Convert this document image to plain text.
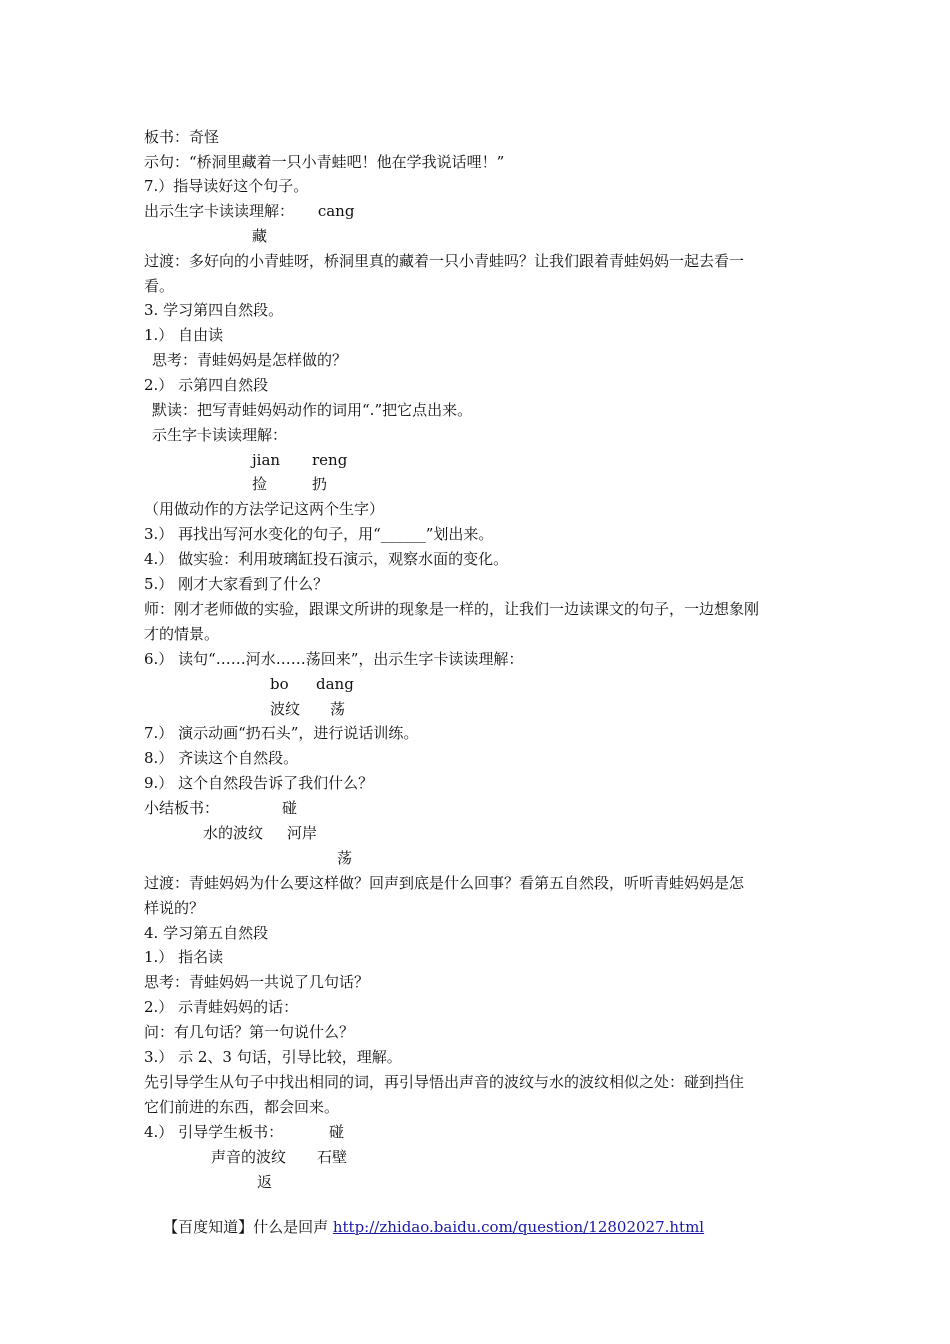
板书：奇怪
示句：“桥洞里藏着一只小青蛙吧！他在学我说话哩！”
7.）指导读好这个句子。
出示生字卡读读理解：     cang
藏
过渡：多好向的小青蛙呀，桥洞里真的藏着一只小青蛙吗？让我们跟着青蛙妈妈一起去看一
看。
3. 学习第四自然段。
1.） 自由读
思考：青蛙妈妈是怎样做的？
2.） 示第四自然段
默读：把写青蛙妈妈动作的词用“.”把它点出来。
示生字卡读读理解：
jian reng
捡	扔
（用做动作的方法学记这两个生字）
3.） 再找出写河水变化的句子，用“______”划出来。
4.） 做实验：利用玻璃缸投石演示，观察水面的变化。
5.） 刚才大家看到了什么？
师：刚才老师做的实验，跟课文所讲的现象是一样的，让我们一边读课文的句子，一边想象刚
才的情景。
6.） 读句“……河水……荡回来”，出示生字卡读读理解：
bo dang
波纹 荡
7.） 演示动画“扔石头”，进行说话训练。
8.） 齐读这个自然段。
9.） 这个自然段告诉了我们什么？
小结板书：	碰
水的波纹 河岸
荡
过渡：青蛙妈妈为什么要这样做？回声到底是什么回事？看第五自然段，听听青蛙妈妈是怎
样说的？
4. 学习第五自然段
1.） 指名读
思考：青蛙妈妈一共说了几句话？
2.） 示青蛙妈妈的话：
问：有几句话？第一句说什么？
3.） 示 2、3 句话，引导比较，理解。
先引导学生从句子中找出相同的词，再引导悟出声音的波纹与水的波纹相似之处：碰到挡住
它们前进的东西，都会回来。
4.） 引导学生板书：	碰
声音的波纹 石壁
返

【百度知道】什么是回声 http://zhidao.baidu.com/question/12802027.html
